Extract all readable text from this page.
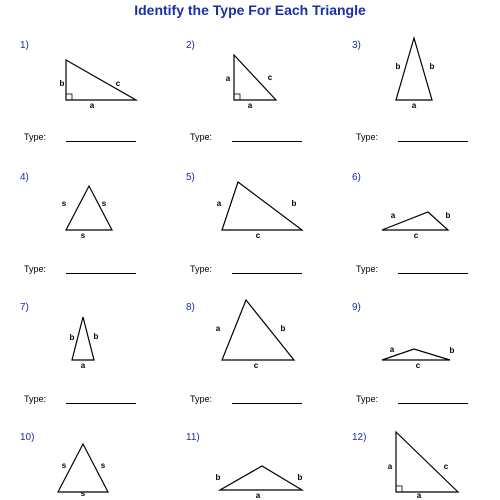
Identify the Type For Each Triangle
b	c
a
a	c
a
b	b
a
s	s
s
a	b
c
a	b
c
b b
a
a	b
c
a	b
c
s	s
s
b	b
a
a	c
a
1)
Type:
2)
Type:
3)
Type:
4)
Type:
5)
Type:
6)
Type:
7)
Type:
8)
Type:
9)
Type:
10)	11)	12)
